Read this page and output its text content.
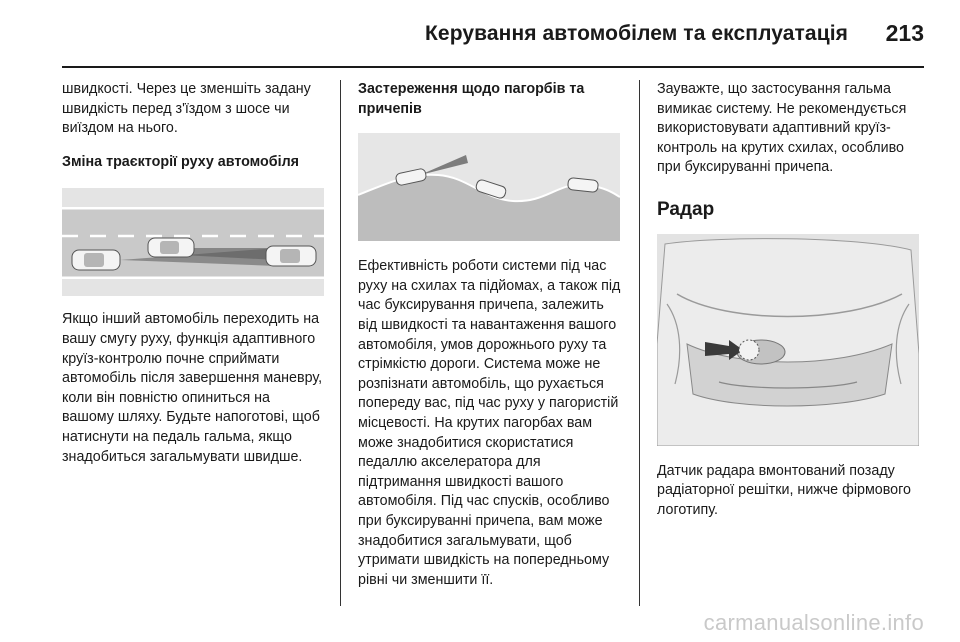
Керування автомобілем та експлуатація 213

швидкості. Через це зменшіть задану швидкість перед з'їздом з шосе чи виїздом на нього.

Зміна траєкторії руху автомобіля

Якщо інший автомобіль переходить на вашу смугу руху, функція адаптивного круїз-контролю почне сприймати автомобіль після завершення маневру, коли він повністю опиниться на вашому шляху. Будьте напоготові, щоб натиснути на педаль гальма, якщо знадобиться загальмувати швидше.

Застереження щодо пагорбів та причепів

Ефективність роботи системи під час руху на схилах та підйомах, а також під час буксирування причепа, залежить від швидкості та навантаження вашого автомобіля, умов дорожнього руху та стрімкістю дороги. Система може не розпізнати автомобіль, що рухається попереду вас, під час руху у пагористій місцевості. На крутих пагорбах вам може знадобитися скористатися педаллю акселератора для підтримання швидкості вашого автомобіля. Під час спусків, особливо при буксируванні причепа, вам може знадобитися загальмувати, щоб утримати швидкість на попередньому рівні чи зменшити її.

Зауважте, що застосування гальма вимикає систему. Не рекомендується використовувати адаптивний круїз-контроль на крутих схилах, особливо при буксируванні причепа.

Радар

Датчик радара вмонтований позаду радіаторної решітки, нижче фірмового логотипу.

carmanualsonline.info
